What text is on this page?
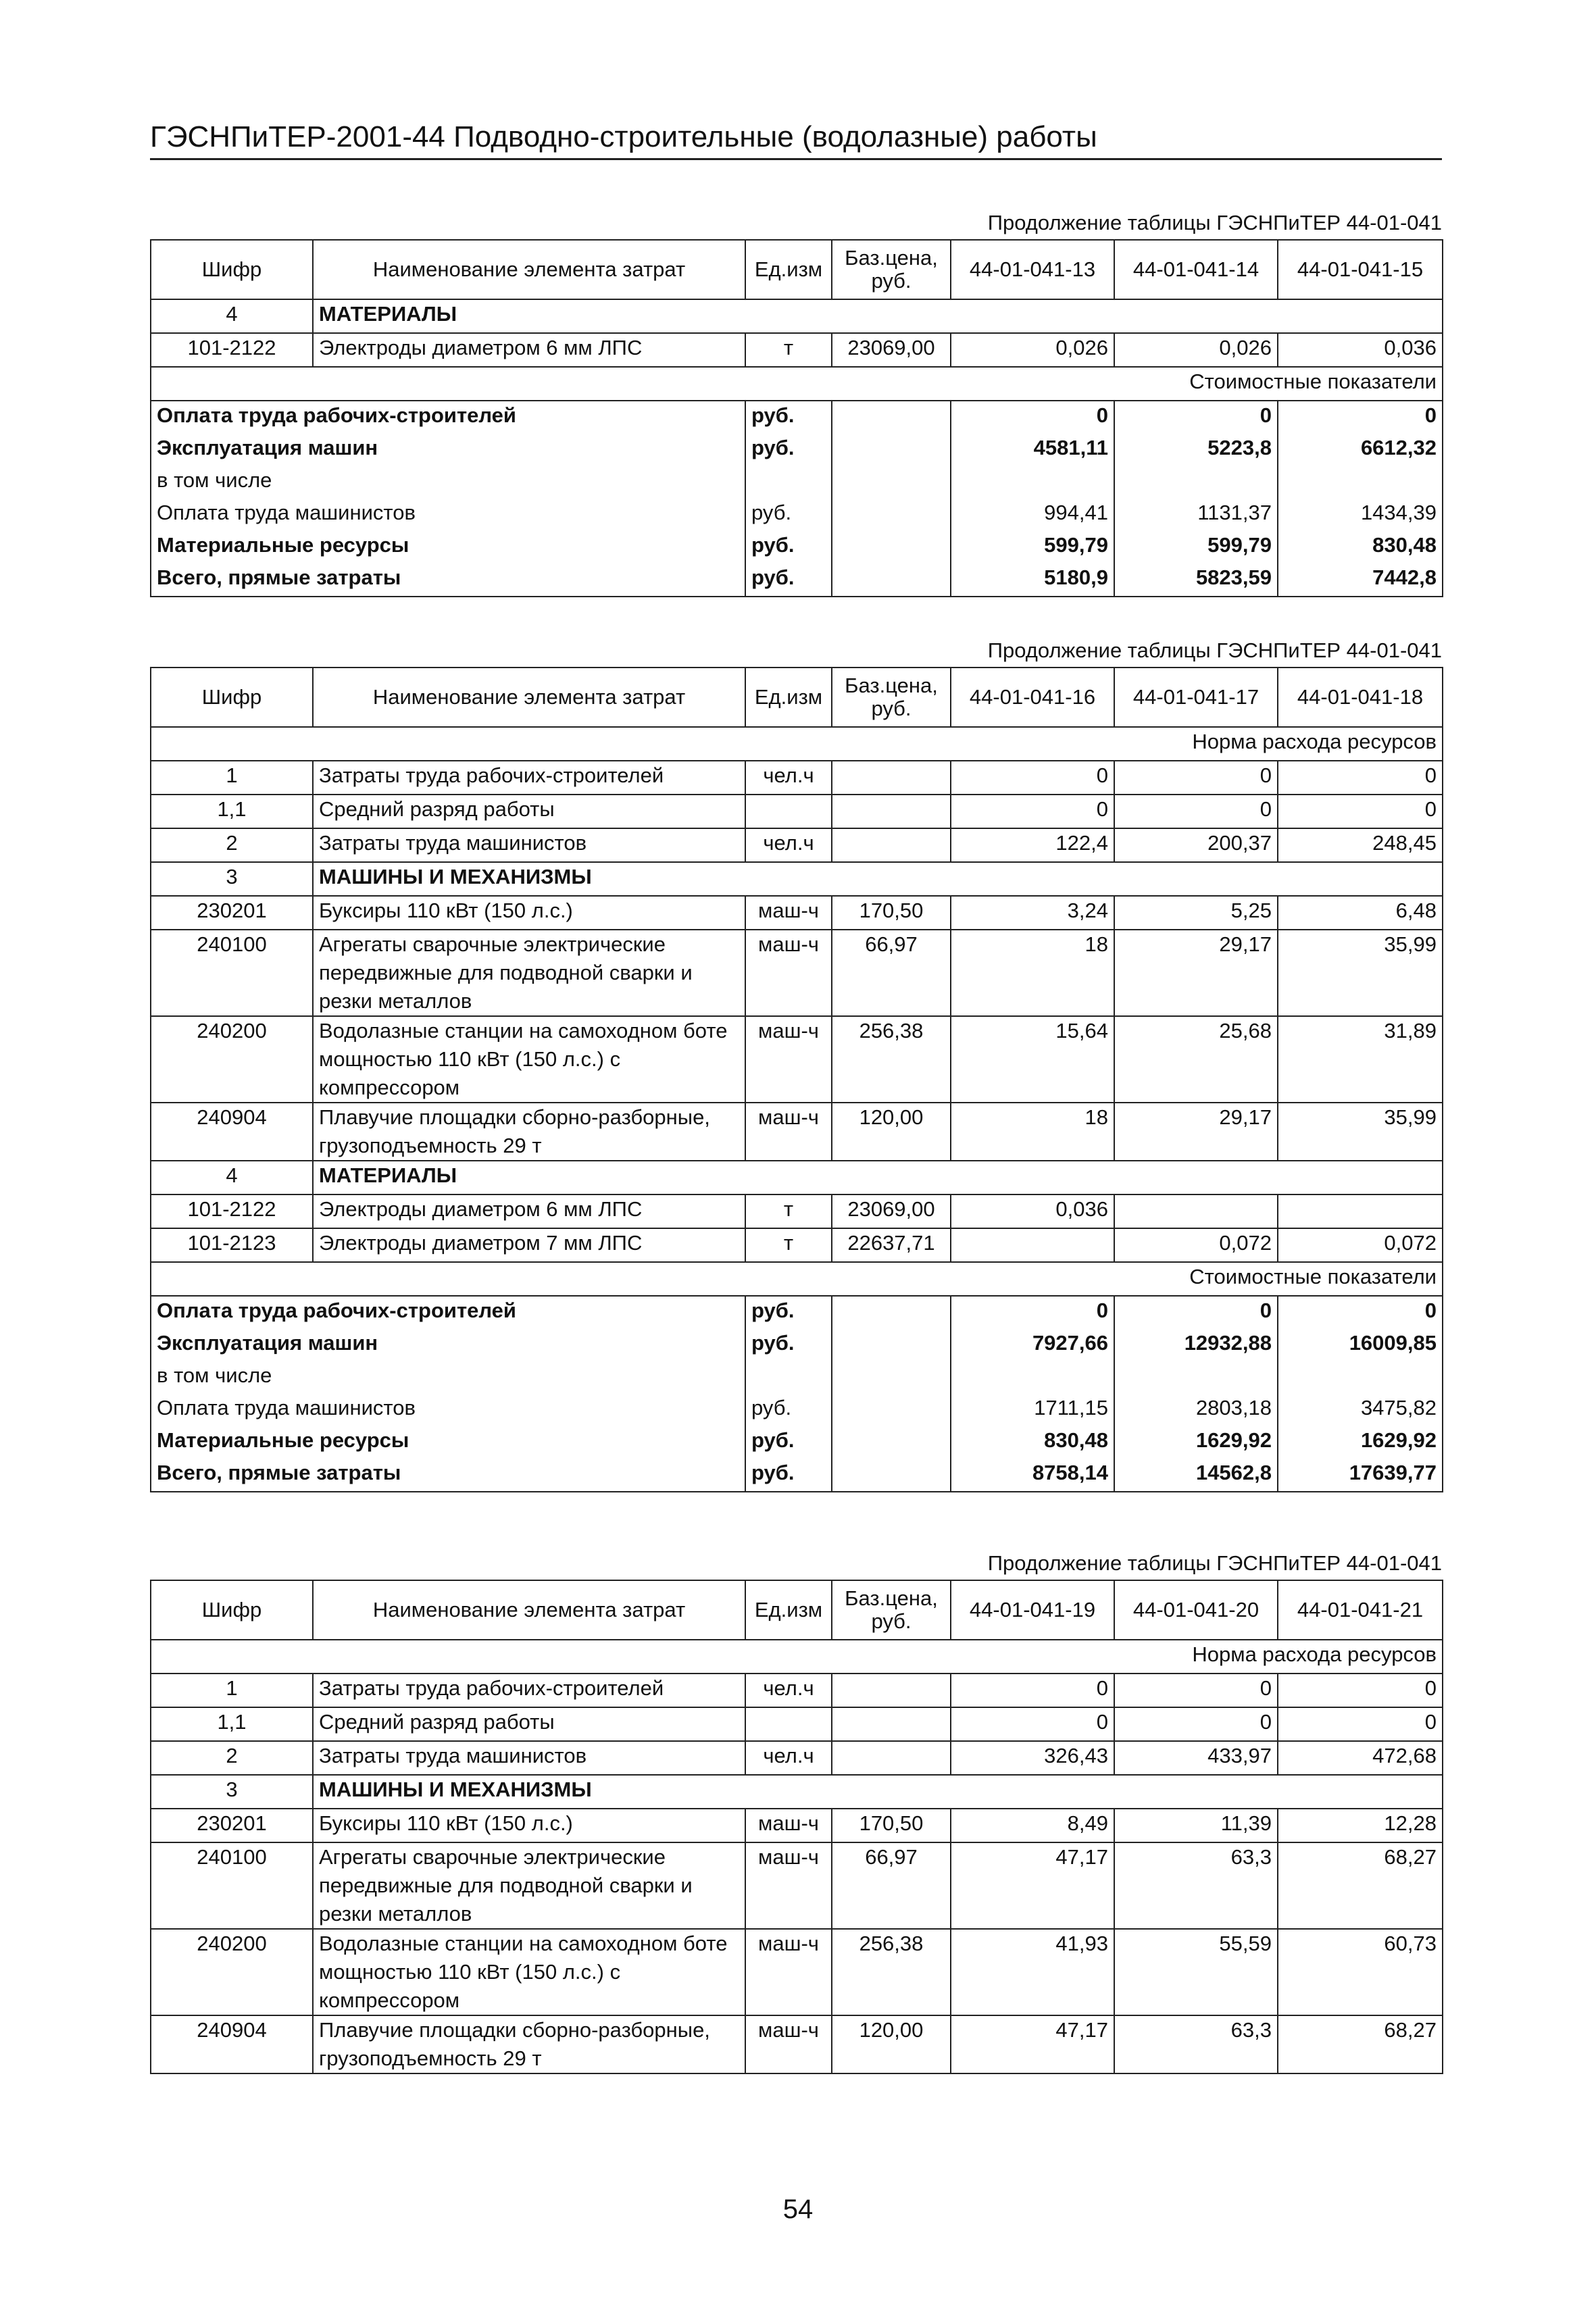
ГЭСНПиТЕР-2001-44 Подводно-строительные (водолазные) работы
Продолжение таблицы ГЭСНПиТЕР 44-01-041
Шифр	Наименование элемента затрат	Ед.изм	Баз.цена, руб.	44-01-041-13	44-01-041-14	44-01-041-15
4	МАТЕРИАЛЫ					
101-2122	Электроды диаметром 6 мм ЛПС	т	23069,00	0,026	0,026	0,036
Стоимостные показатели						
Оплата труда рабочих-строителей		руб.		0	0	0
Эксплуатация машин		руб.		4581,11	5223,8	6612,32
в том числе						
Оплата труда машинистов		руб.		994,41	1131,37	1434,39
Материальные ресурсы		руб.		599,79	599,79	830,48
Всего, прямые затраты		руб.		5180,9	5823,59	7442,8
Продолжение таблицы ГЭСНПиТЕР 44-01-041
Шифр	Наименование элемента затрат	Ед.изм	Баз.цена, руб.	44-01-041-16	44-01-041-17	44-01-041-18
Норма расхода ресурсов						
1	Затраты труда рабочих-строителей	чел.ч		0	0	0
1,1	Средний разряд работы			0	0	0
2	Затраты труда машинистов	чел.ч		122,4	200,37	248,45
3	МАШИНЫ И МЕХАНИЗМЫ					
230201	Буксиры 110 кВт (150 л.с.)	маш-ч	170,50	3,24	5,25	6,48
240100	Агрегаты сварочные электрические передвижные для подводной сварки и резки металлов	маш-ч	66,97	18	29,17	35,99
240200	Водолазные станции на самоходном боте мощностью 110 кВт (150 л.с.) с компрессором	маш-ч	256,38	15,64	25,68	31,89
240904	Плавучие площадки сборно-разборные, грузоподъемность 29 т	маш-ч	120,00	18	29,17	35,99
4	МАТЕРИАЛЫ					
101-2122	Электроды диаметром 6 мм ЛПС	т	23069,00	0,036		
101-2123	Электроды диаметром 7 мм ЛПС	т	22637,71		0,072	0,072
Стоимостные показатели						
Оплата труда рабочих-строителей		руб.		0	0	0
Эксплуатация машин		руб.		7927,66	12932,88	16009,85
в том числе						
Оплата труда машинистов		руб.		1711,15	2803,18	3475,82
Материальные ресурсы		руб.		830,48	1629,92	1629,92
Всего, прямые затраты		руб.		8758,14	14562,8	17639,77
Продолжение таблицы ГЭСНПиТЕР 44-01-041
Шифр	Наименование элемента затрат	Ед.изм	Баз.цена, руб.	44-01-041-19	44-01-041-20	44-01-041-21
Норма расхода ресурсов						
1	Затраты труда рабочих-строителей	чел.ч		0	0	0
1,1	Средний разряд работы			0	0	0
2	Затраты труда машинистов	чел.ч		326,43	433,97	472,68
3	МАШИНЫ И МЕХАНИЗМЫ					
230201	Буксиры 110 кВт (150 л.с.)	маш-ч	170,50	8,49	11,39	12,28
240100	Агрегаты сварочные электрические передвижные для подводной сварки и резки металлов	маш-ч	66,97	47,17	63,3	68,27
240200	Водолазные станции на самоходном боте мощностью 110 кВт (150 л.с.) с компрессором	маш-ч	256,38	41,93	55,59	60,73
240904	Плавучие площадки сборно-разборные, грузоподъемность 29 т	маш-ч	120,00	47,17	63,3	68,27
54
